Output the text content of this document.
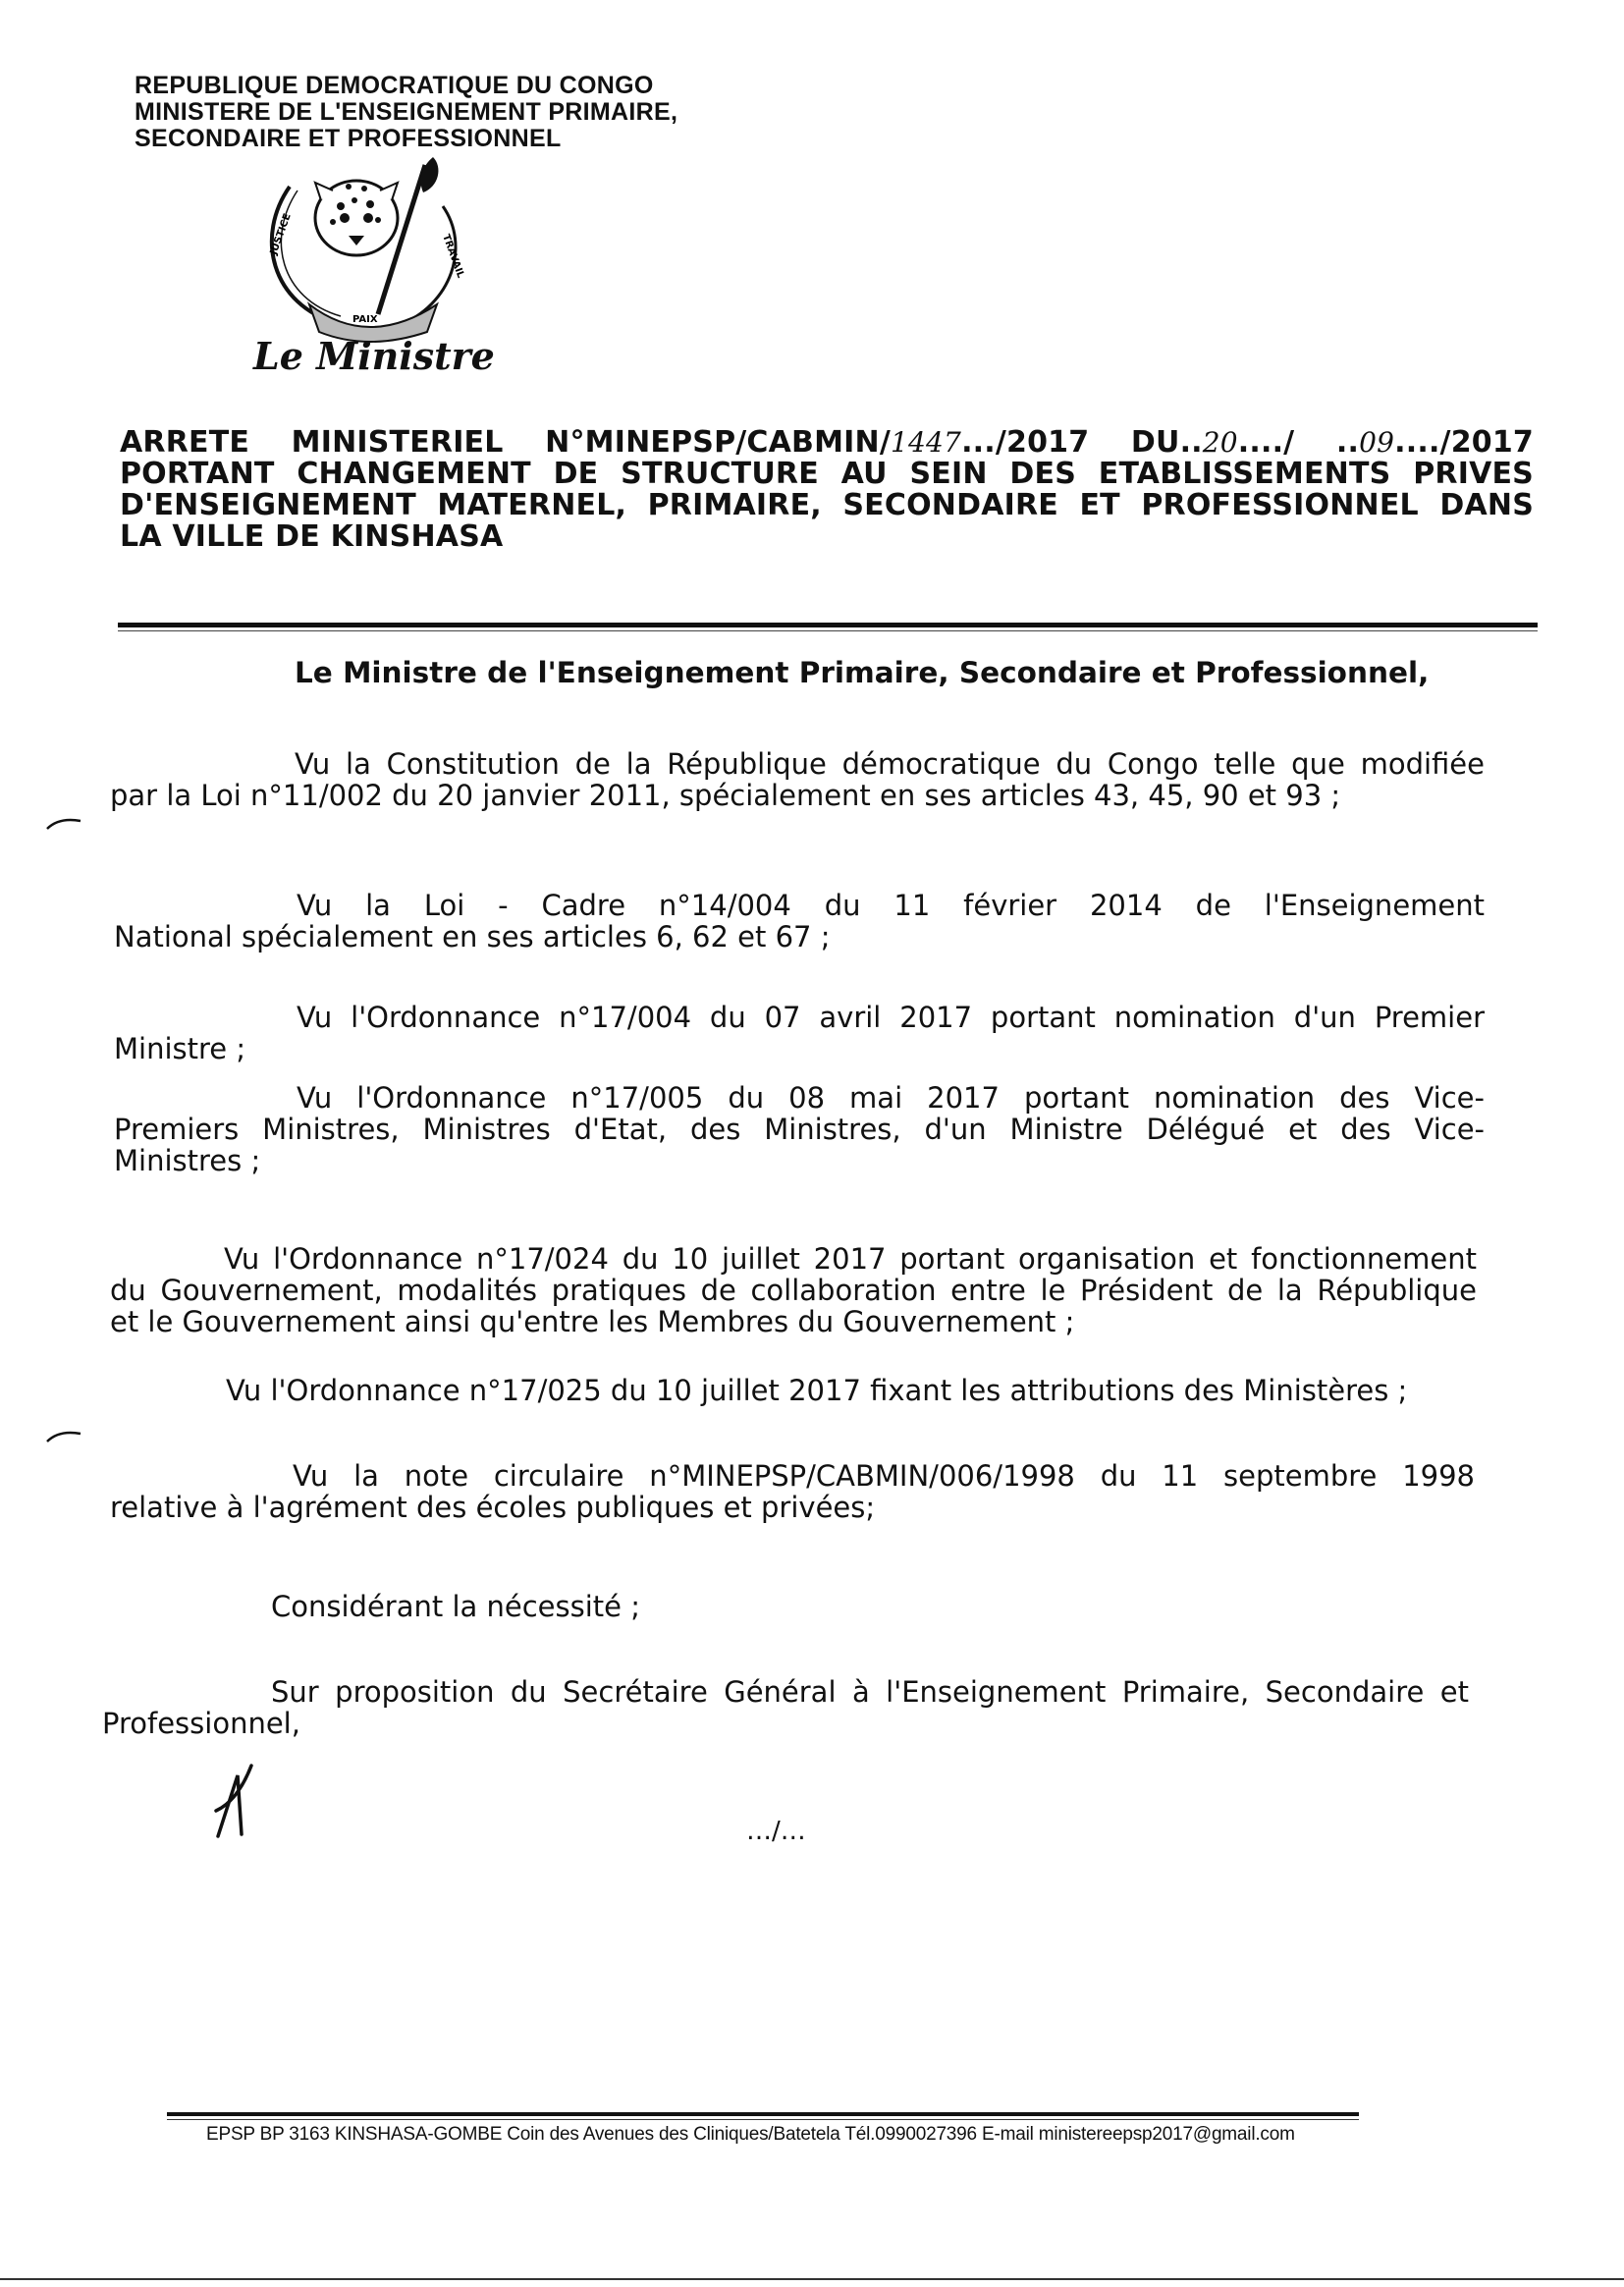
REPUBLIQUE DEMOCRATIQUE DU CONGO
MINISTERE DE L'ENSEIGNEMENT PRIMAIRE,
SECONDAIRE ET PROFESSIONNEL
JUSTICE
PAIX
TRAVAIL
Le Ministre
ARRETE MINISTERIEL N°MINEPSP/CABMIN/1447.../2017 DU..20..../ ..09..../2017
PORTANT CHANGEMENT DE STRUCTURE AU SEIN DES ETABLISSEMENTS PRIVES
D'ENSEIGNEMENT MATERNEL, PRIMAIRE, SECONDAIRE ET PROFESSIONNEL DANS
LA VILLE DE KINSHASA
Le Ministre de l'Enseignement Primaire, Secondaire et Professionnel,
Vu la Constitution de la République démocratique du Congo telle que modifiée
par la Loi n°11/002 du 20 janvier 2011, spécialement en ses articles 43, 45, 90 et 93 ;
Vu la Loi - Cadre n°14/004 du 11 février 2014 de l'Enseignement
National spécialement en ses articles 6, 62 et 67 ;
Vu l'Ordonnance n°17/004 du 07 avril 2017 portant nomination d'un Premier
Ministre ;
Vu l'Ordonnance n°17/005 du 08 mai 2017 portant nomination des Vice-
Premiers Ministres, Ministres d'Etat, des Ministres, d'un Ministre Délégué et des Vice-
Ministres ;
Vu l'Ordonnance n°17/024 du 10 juillet 2017 portant organisation et fonctionnement
du Gouvernement, modalités pratiques de collaboration entre le Président de la République
et le Gouvernement ainsi qu'entre les Membres du Gouvernement ;
Vu l'Ordonnance n°17/025 du 10 juillet 2017 fixant les attributions des Ministères ;
Vu la note circulaire n°MINEPSP/CABMIN/006/1998 du 11 septembre 1998
relative à l'agrément des écoles publiques et privées;
Considérant la nécessité ;
Sur proposition du Secrétaire Général à l'Enseignement Primaire, Secondaire et
Professionnel,
…/…
EPSP BP 3163 KINSHASA-GOMBE Coin des Avenues des Cliniques/Batetela Tél.0990027396 E-mail ministereepsp2017@gmail.com
